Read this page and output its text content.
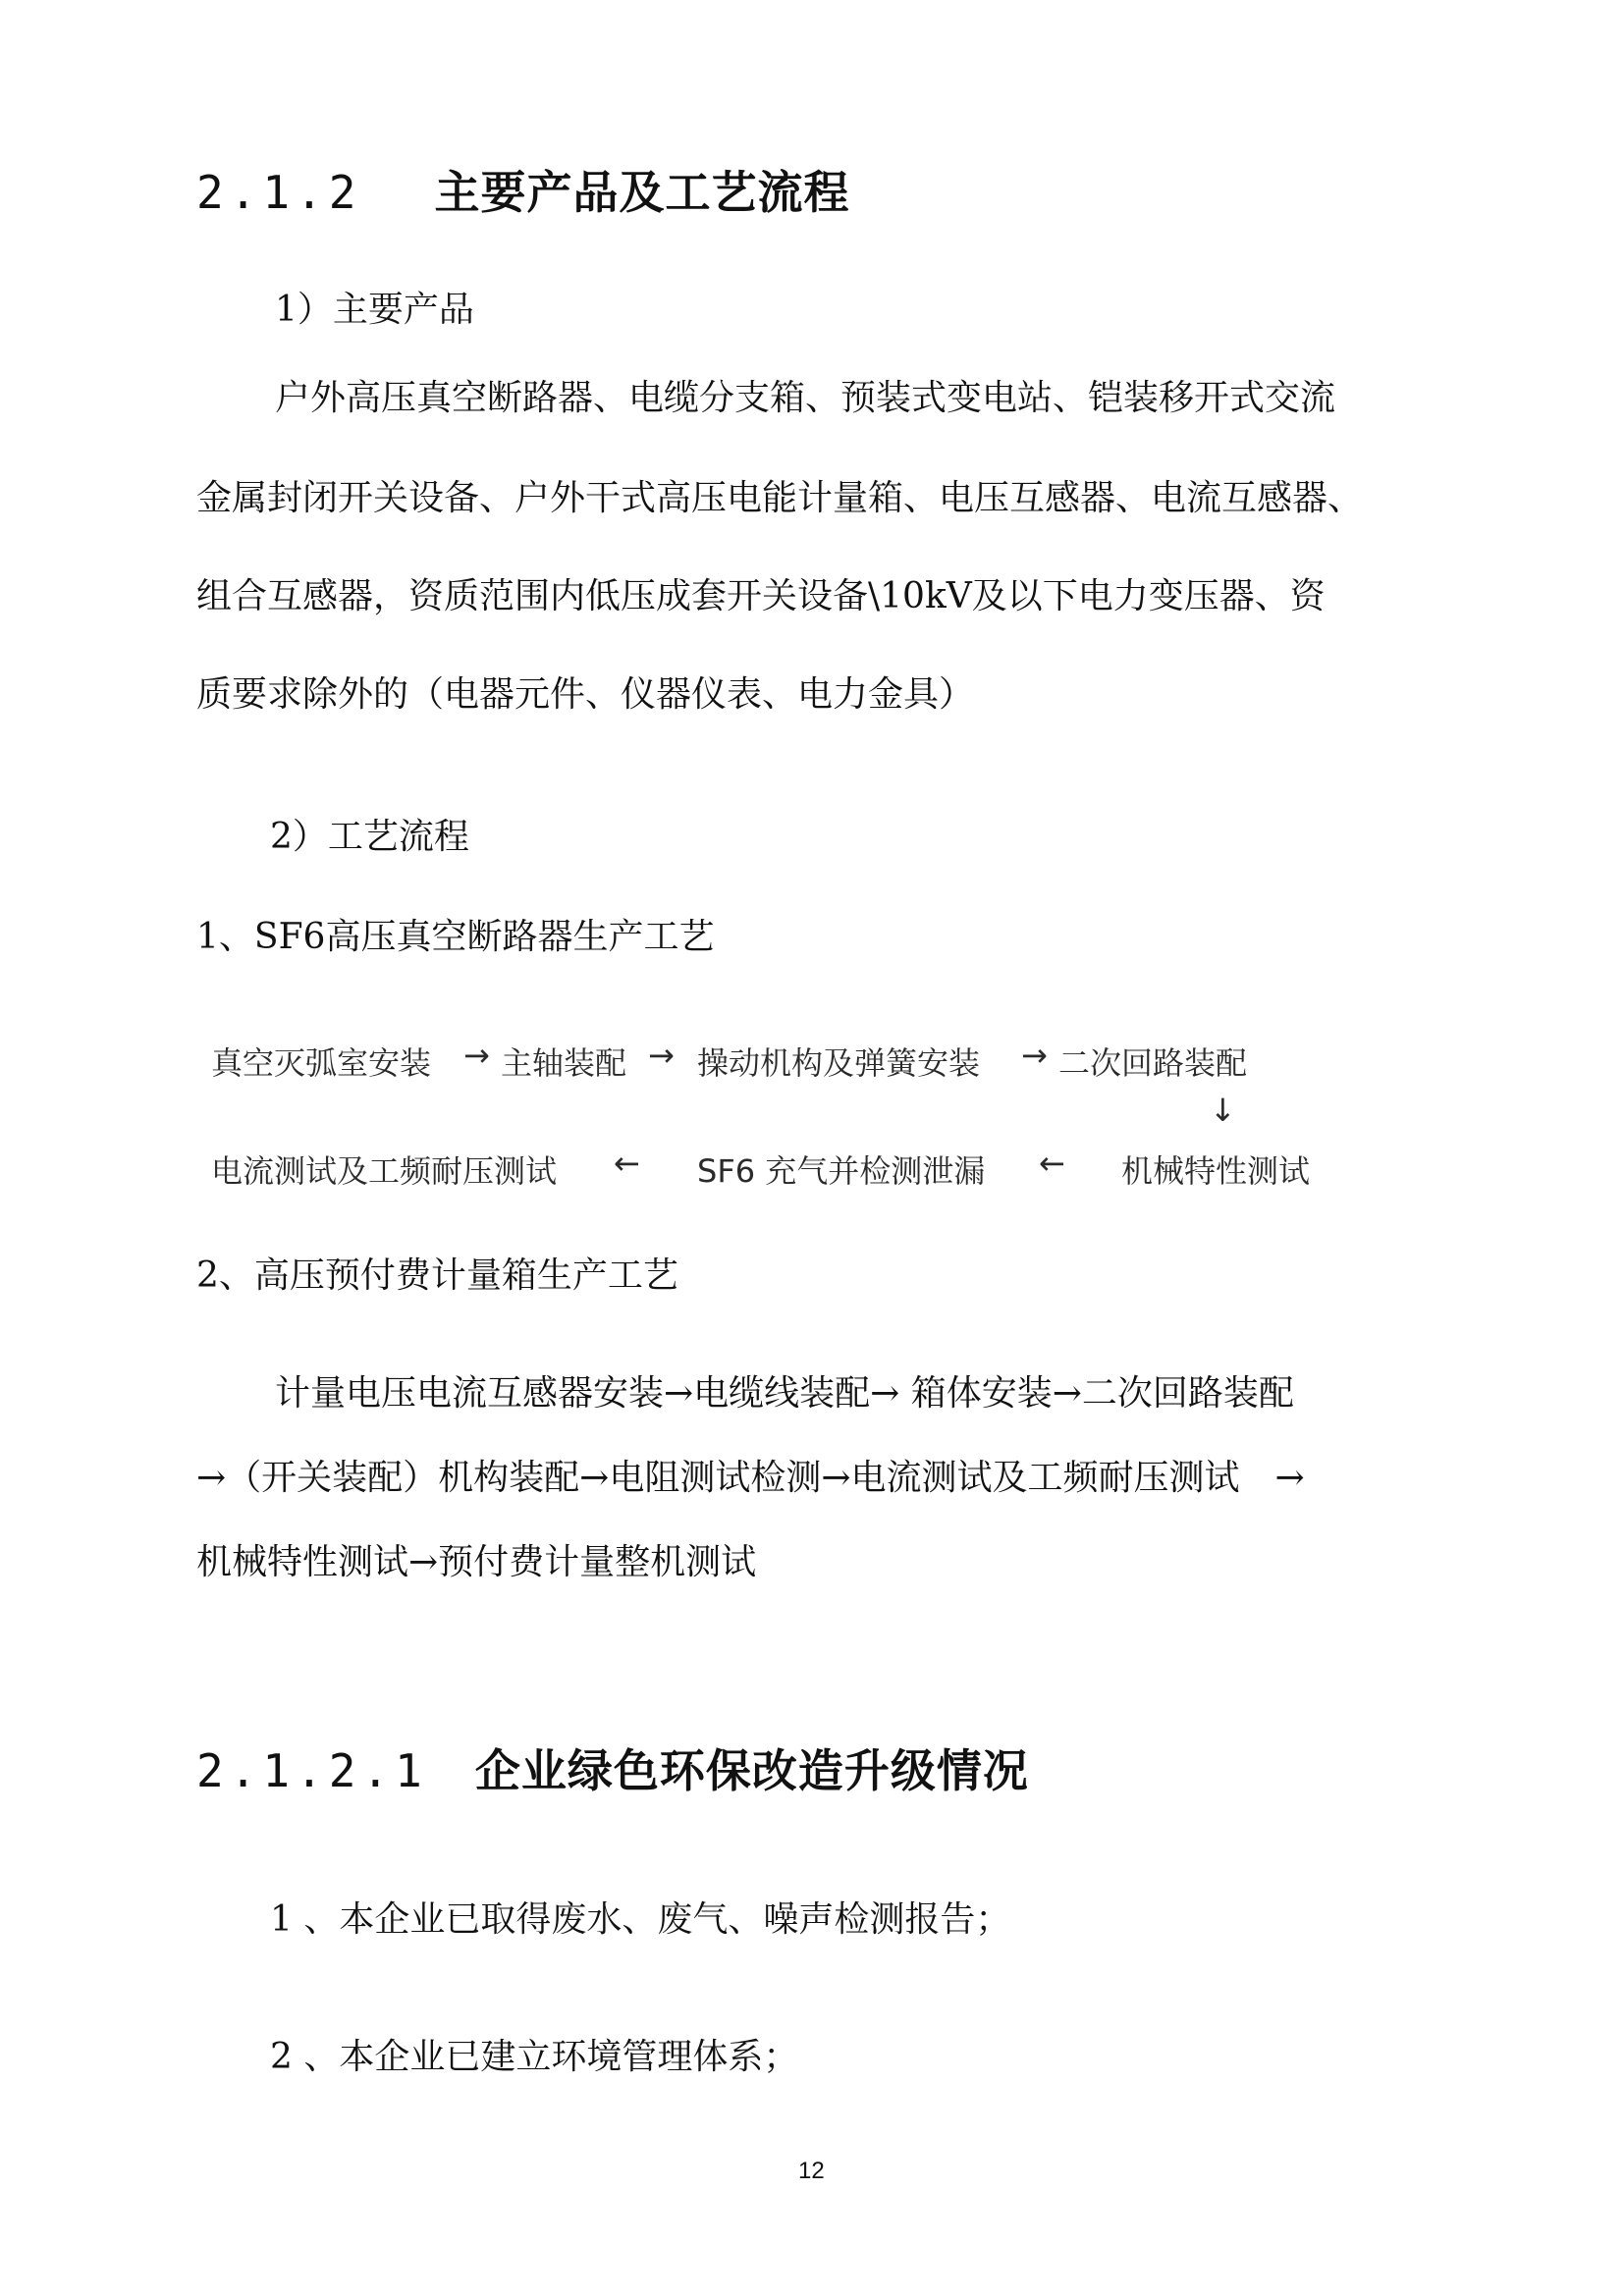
2.1.2 主要产品及工艺流程
1）主要产品
户外高压真空断路器、电缆分支箱、预装式变电站、铠装移开式交流
金属封闭开关设备、户外干式高压电能计量箱、电压互感器、电流互感器、
组合互感器，资质范围内低压成套开关设备\10kV及以下电力变压器、资
质要求除外的（电器元件、仪器仪表、电力金具）
2）工艺流程
1、SF6高压真空断路器生产工艺
真空灭弧室安装 → 主轴装配 → 操动机构及弹簧安装 → 二次回路装配
↓
电流测试及工频耐压测试 ← SF6 充气并检测泄漏 ← 机械特性测试
2、高压预付费计量箱生产工艺
计量电压电流互感器安装→电缆线装配→ 箱体安装→二次回路装配
→（开关装配）机构装配→电阻测试检测→电流测试及工频耐压测试　→
机械特性测试→预付费计量整机测试
2.1.2.1 企业绿色环保改造升级情况
1 、本企业已取得废水、废气、噪声检测报告；
2 、本企业已建立环境管理体系；
12
